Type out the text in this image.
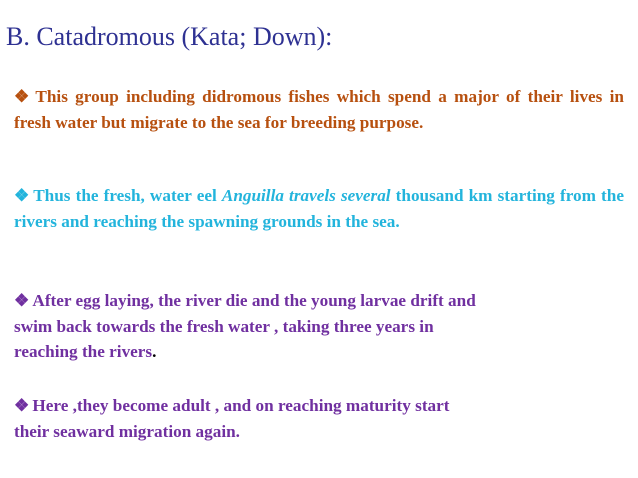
B. Catadromous (Kata; Down):
❖ This group including didromous fishes which spend a major of their lives in fresh water but migrate to the sea for breeding purpose.
❖ Thus the fresh, water eel Anguilla travels several thousand km starting from the rivers and reaching the spawning grounds in the sea.
❖ After egg laying, the river die and the young larvae drift and
swim back towards the fresh water , taking three years in
reaching the rivers.
❖ Here ,they become adult , and on reaching maturity start
their seaward migration again.
